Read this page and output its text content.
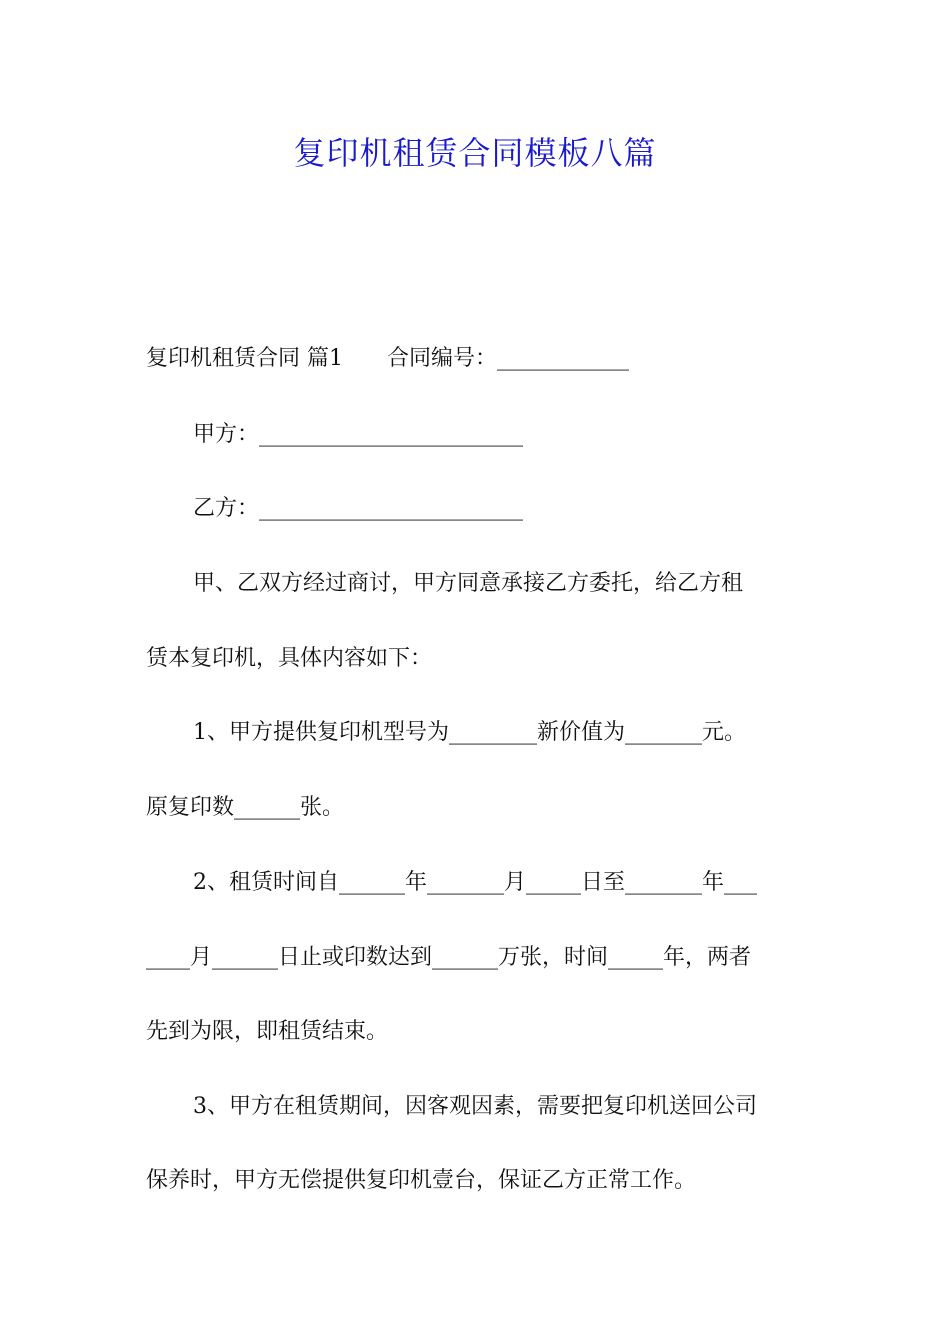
复印机租赁合同模板八篇
复印机租赁合同 篇1　　合同编号：____________
甲方：________________________
乙方：________________________
甲、乙双方经过商讨，甲方同意承接乙方委托，给乙方租
赁本复印机，具体内容如下：
1、甲方提供复印机型号为________新价值为_______元。
原复印数______张。
2、租赁时间自______年_______月_____日至_______年___
____月______日止或印数达到______万张，时间_____年，两者
先到为限，即租赁结束。
3、甲方在租赁期间，因客观因素，需要把复印机送回公司
保养时，甲方无偿提供复印机壹台，保证乙方正常工作。
